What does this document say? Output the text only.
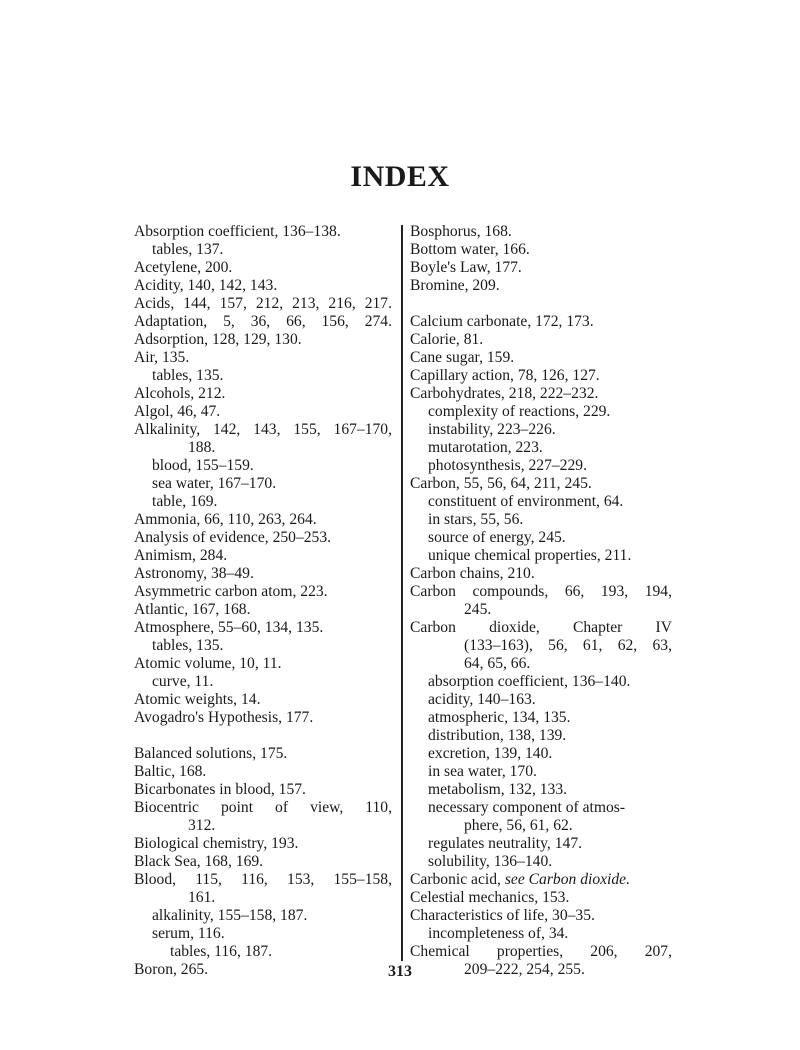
INDEX
Absorption coefficient, 136–138.
tables, 137.
Acetylene, 200.
Acidity, 140, 142, 143.
Acids, 144, 157, 212, 213, 216, 217.
Adaptation, 5, 36, 66, 156, 274.
Adsorption, 128, 129, 130.
Air, 135.
tables, 135.
Alcohols, 212.
Algol, 46, 47.
Alkalinity, 142, 143, 155, 167–170,
188.
blood, 155–159.
sea water, 167–170.
table, 169.
Ammonia, 66, 110, 263, 264.
Analysis of evidence, 250–253.
Animism, 284.
Astronomy, 38–49.
Asymmetric carbon atom, 223.
Atlantic, 167, 168.
Atmosphere, 55–60, 134, 135.
tables, 135.
Atomic volume, 10, 11.
curve, 11.
Atomic weights, 14.
Avogadro's Hypothesis, 177.
Balanced solutions, 175.
Baltic, 168.
Bicarbonates in blood, 157.
Biocentric point of view, 110,
312.
Biological chemistry, 193.
Black Sea, 168, 169.
Blood, 115, 116, 153, 155–158,
161.
alkalinity, 155–158, 187.
serum, 116.
tables, 116, 187.
Boron, 265.
Bosphorus, 168.
Bottom water, 166.
Boyle's Law, 177.
Bromine, 209.
Calcium carbonate, 172, 173.
Calorie, 81.
Cane sugar, 159.
Capillary action, 78, 126, 127.
Carbohydrates, 218, 222–232.
complexity of reactions, 229.
instability, 223–226.
mutarotation, 223.
photosynthesis, 227–229.
Carbon, 55, 56, 64, 211, 245.
constituent of environment, 64.
in stars, 55, 56.
source of energy, 245.
unique chemical properties, 211.
Carbon chains, 210.
Carbon compounds, 66, 193, 194,
245.
Carbon dioxide, Chapter IV
(133–163), 56, 61, 62, 63,
64, 65, 66.
absorption coefficient, 136–140.
acidity, 140–163.
atmospheric, 134, 135.
distribution, 138, 139.
excretion, 139, 140.
in sea water, 170.
metabolism, 132, 133.
necessary component of atmos-
phere, 56, 61, 62.
regulates neutrality, 147.
solubility, 136–140.
Carbonic acid, see Carbon dioxide.
Celestial mechanics, 153.
Characteristics of life, 30–35.
incompleteness of, 34.
Chemical properties, 206, 207,
209–222, 254, 255.
313
